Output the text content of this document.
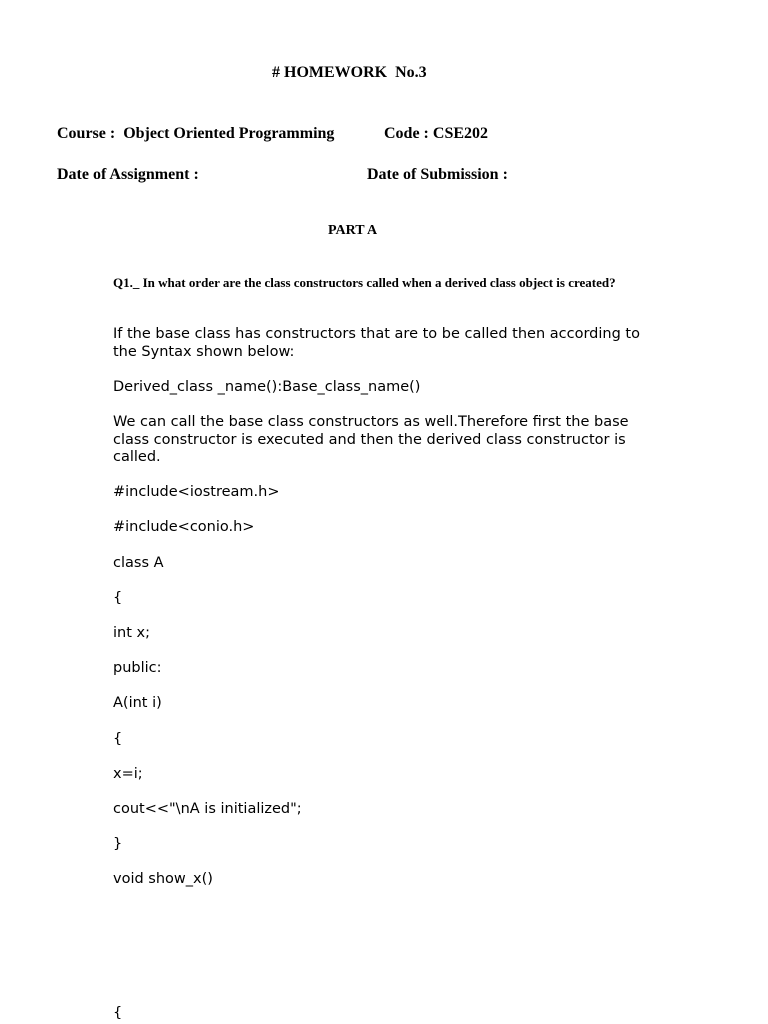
# HOMEWORK  No.3
Course :  Object Oriented Programming	Code : CSE202
Date of Assignment :	Date of Submission :
PART A
Q1._ In what order are the class constructors called when a derived class object is created?
If the base class has constructors that are to be called then according to the Syntax shown below:
Derived_class _name():Base_class_name()
We can call the base class constructors as well.Therefore first the base class constructor is executed and then the derived class constructor is called.
#include<iostream.h>
#include<conio.h>
class A
{
int x;
public:
A(int i)
{
x=i;
cout<<"\nA is initialized";
}
void show_x()
{
